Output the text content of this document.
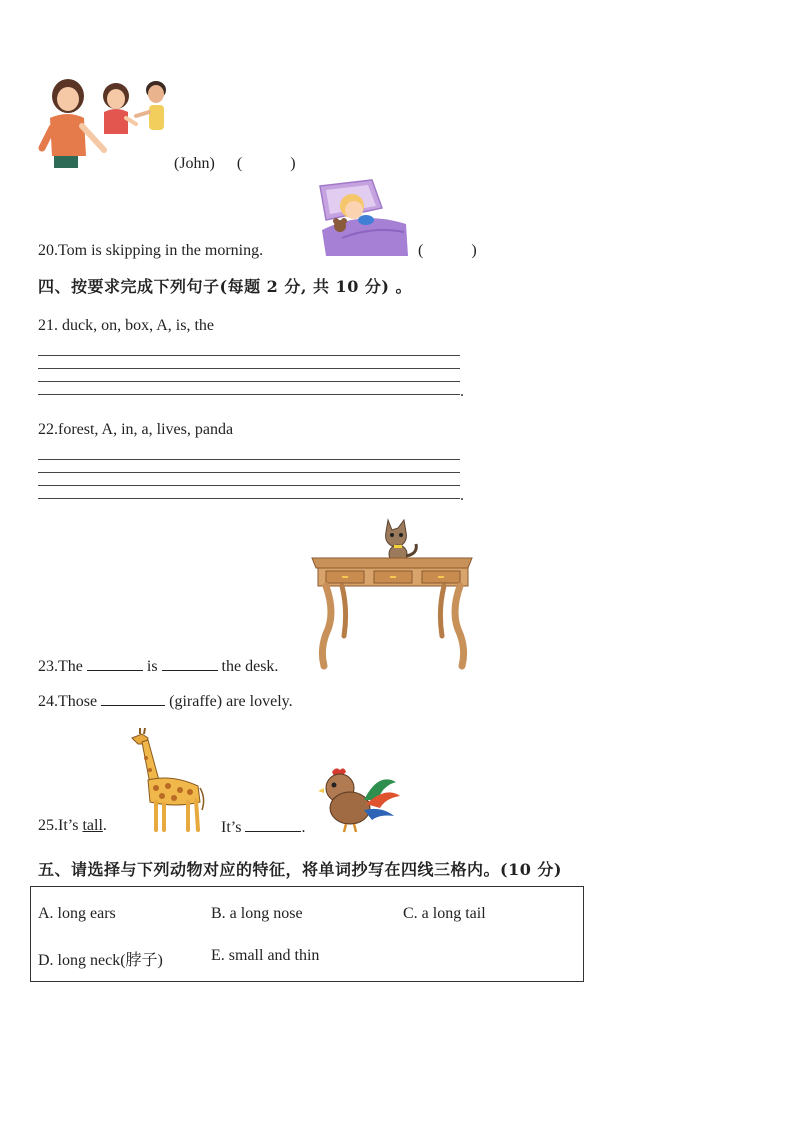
(John) (	)
20.Tom is skipping in the morning.	(	)
四、按要求完成下列句子(每题 2 分, 共 10 分) 。
21. duck, on, box, A, is, the
.
22.forest, A, in, a, lives, panda
.
23.The	is	the desk.
24.Those	(giraffe) are lovely.
25.It’s tall.	It’s	.
五、请选择与下列动物对应的特征，将单词抄写在四线三格内。(10 分)
A. long ears	B. a long nose	C. a long tail
D. long neck(脖子)	E. small and thin
